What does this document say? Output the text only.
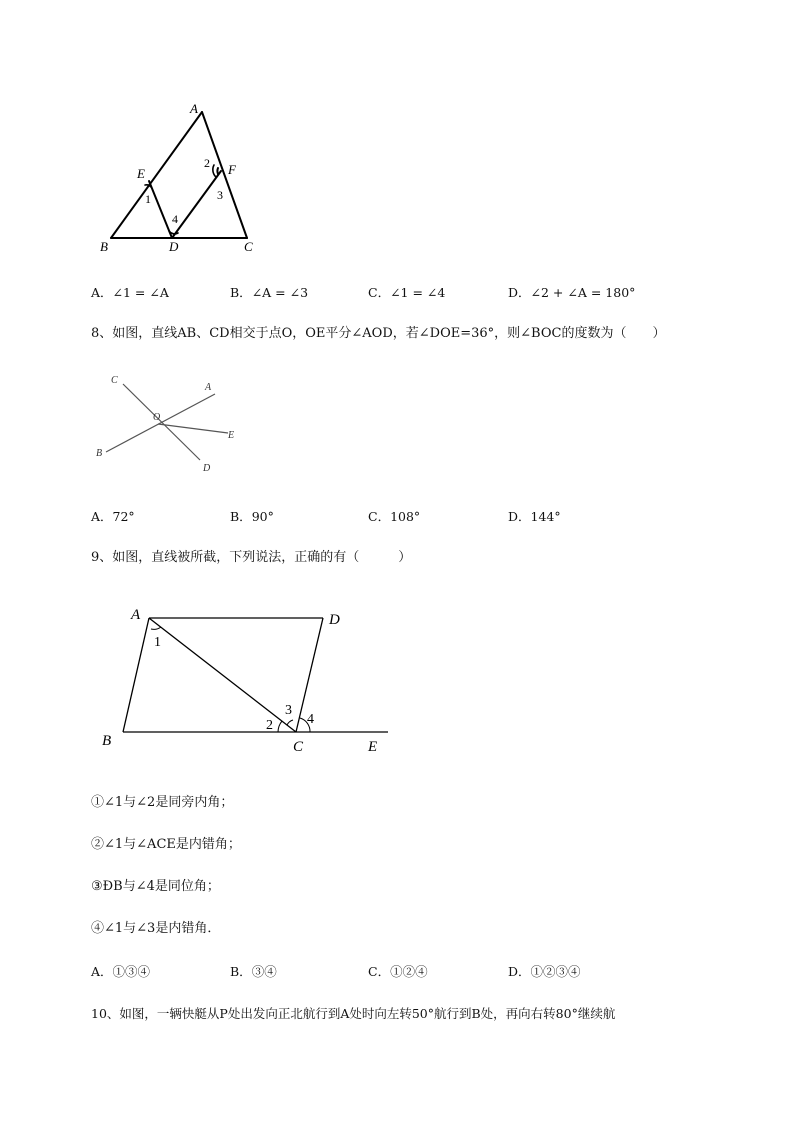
A
B	C
D
E	F
1
2
3
4
A．∠1 = ∠A	B．∠A = ∠3	C．∠1 = ∠4	D．∠2 + ∠A = 180°
8、如图，直线AB、CD相交于点O，OE平分∠AOD，若∠DOE=36°，则∠BOC的度数为（　　）
C
A
O
E
B
D
A．72°	B．90°	C．108°	D．144°
9、如图，直线被所截，下列说法，正确的有（　　　）
A	D
B	C	E
1
2
3
4
①∠1与∠2是同旁内角；
②∠1与∠ACE是内错角；
③ÐB与∠4是同位角；
④∠1与∠3是内错角．
A．①③④	B．③④	C．①②④	D．①②③④
10、如图，一辆快艇从P处出发向正北航行到A处时向左转50°航行到B处，再向右转80°继续航
